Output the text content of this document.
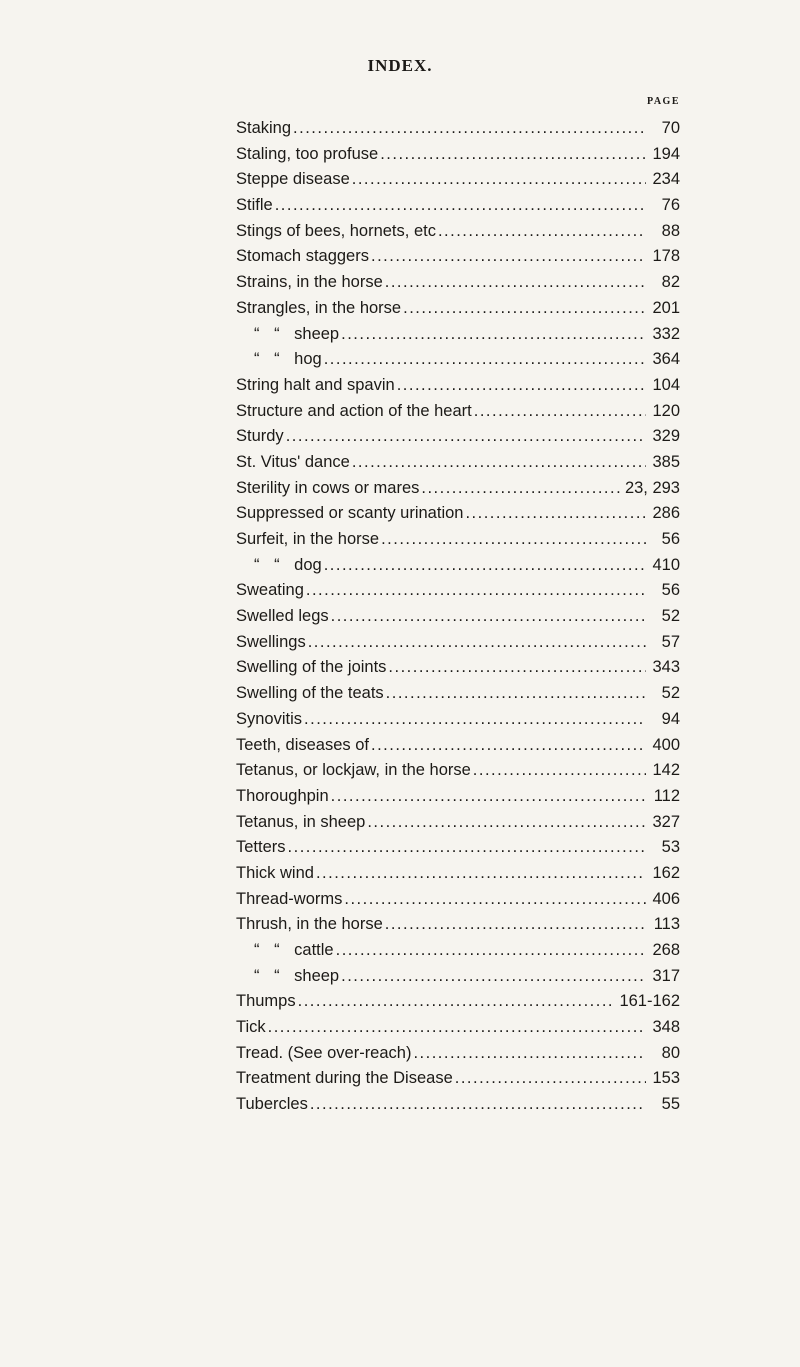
INDEX.
PAGE
Staking .....	70
Staling, too profuse .....	194
Steppe disease .....	234
Stifle .....	76
Stings of bees, hornets, etc .....	88
Stomach staggers .....	178
Strains, in the horse .....	82
Strangles, in the horse .....	201
“ “ sheep .....	332
“ “ hog .....	364
String halt and spavin .....	104
Structure and action of the heart .....	120
Sturdy .....	329
St. Vitus' dance .....	385
Sterility in cows or mares .....	23, 293
Suppressed or scanty urination .....	286
Surfeit, in the horse .....	56
“ “ dog .....	410
Sweating .....	56
Swelled legs .....	52
Swellings .....	57
Swelling of the joints .....	343
Swelling of the teats .....	52
Synovitis .....	94
Teeth, diseases of .....	400
Tetanus, or lockjaw, in the horse .....	142
Thoroughpin .....	112
Tetanus, in sheep .....	327
Tetters .....	53
Thick wind .....	162
Thread-worms .....	406
Thrush, in the horse .....	113
“ “ cattle .....	268
“ “ sheep .....	317
Thumps .....	161-162
Tick .....	348
Tread. (See over-reach) .....	80
Treatment during the Disease .....	153
Tubercles .....	55
